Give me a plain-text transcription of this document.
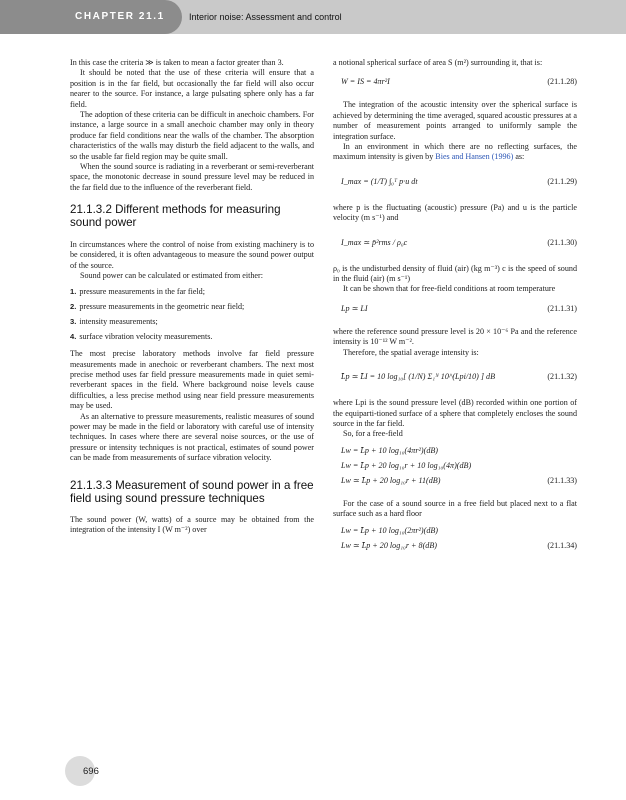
CHAPTER 21.1	Interior noise: Assessment and control

In this case the criteria ≫ is taken to mean a factor greater than 3.

It should be noted that the use of these criteria will ensure that a position is in the far field, but occasionally the far field will also occur nearer to the source. For instance, a large pulsating sphere only has a far field.

The adoption of these criteria can be difficult in anechoic chambers. For instance, a large source in a small anechoic chamber may only in theory produce far field conditions near the walls of the chamber. The absorption characteristics of the walls may disturb the field adjacent to the walls, and so the usable far field region may be quite small.

When the sound source is radiating in a reverberant or semi-reverberant space, the monotonic decrease in sound pressure level may be reduced in the far field due to the influence of the reverberant field.

21.1.3.2 Different methods for measuring sound power

In circumstances where the control of noise from existing machinery is to be considered, it is often advantageous to measure the sound power output of the source.

Sound power can be calculated or estimated from either:

1. pressure measurements in the far field;
2. pressure measurements in the geometric near field;
3. intensity measurements;
4. surface vibration velocity measurements.

The most precise laboratory methods involve far field pressure measurements made in anechoic or reverberant chambers. The next most precise method uses far field pressure measurements made in quiet semi-reverberant spaces in the field. Where background noise levels cause difficulties, a less precise method using near field pressure measurements may be used.

As an alternative to pressure measurements, realistic measures of sound power may be made in the field or laboratory with careful use of intensity techniques. In cases where there are several noise sources, or the use of pressure or intensity techniques is not practical, estimates of sound power can be made from measurements of surface vibration velocity.

21.1.3.3 Measurement of sound power in a free field using sound pressure techniques

The sound power (W, watts) of a source may be obtained from the integration of the intensity I (W m⁻²) over

a notional spherical surface of area S (m²) surrounding it, that is:

W = IS = 4πr²I	(21.1.28)

The integration of the acoustic intensity over the spherical surface is achieved by determining the time averaged, squared acoustic pressures at a number of measurement points arranged to uniformly sample the integration surface.

In an environment in which there are no reflecting surfaces, the maximum intensity is given by Bies and Hansen (1996) as:

I_max = (1/T) ∫₀ᵀ p·u dt	(21.1.29)

where p is the fluctuating (acoustic) pressure (Pa) and u is the particle velocity (m s⁻¹) and

I_max ≃ p̄²rms / ρ₀c	(21.1.30)

ρ₀ is the undisturbed density of fluid (air) (kg m⁻³) c is the speed of sound in the fluid (air) (m s⁻¹)

It can be shown that for free-field conditions at room temperature

Lp ≃ LI	(21.1.31)

where the reference sound pressure level is 20 × 10⁻⁶ Pa and the reference intensity is 10⁻¹² W m⁻².

Therefore, the spatial average intensity is:

L̄p ≃ L̄I = 10 log₁₀[ (1/N) Σ₁ᴺ 10^(Lpi/10) ] dB	(21.1.32)

where Lpi is the sound pressure level (dB) recorded within one portion of the equiparti-tioned surface of a sphere that completely encloses the sound source in the far field.

So, for a free-field

Lw = L̄p + 10 log₁₀(4πr²)(dB)
Lw = L̄p + 20 log₁₀r + 10 log₁₀(4π)(dB)
Lw ≃ L̄p + 20 log₁₀r + 11(dB)	(21.1.33)

For the case of a sound source in a free field but placed next to a flat surface such as a hard floor

Lw = L̄p + 10 log₁₀(2πr²)(dB)
Lw ≃ L̄p + 20 log₁₀r + 8(dB)	(21.1.34)
696
